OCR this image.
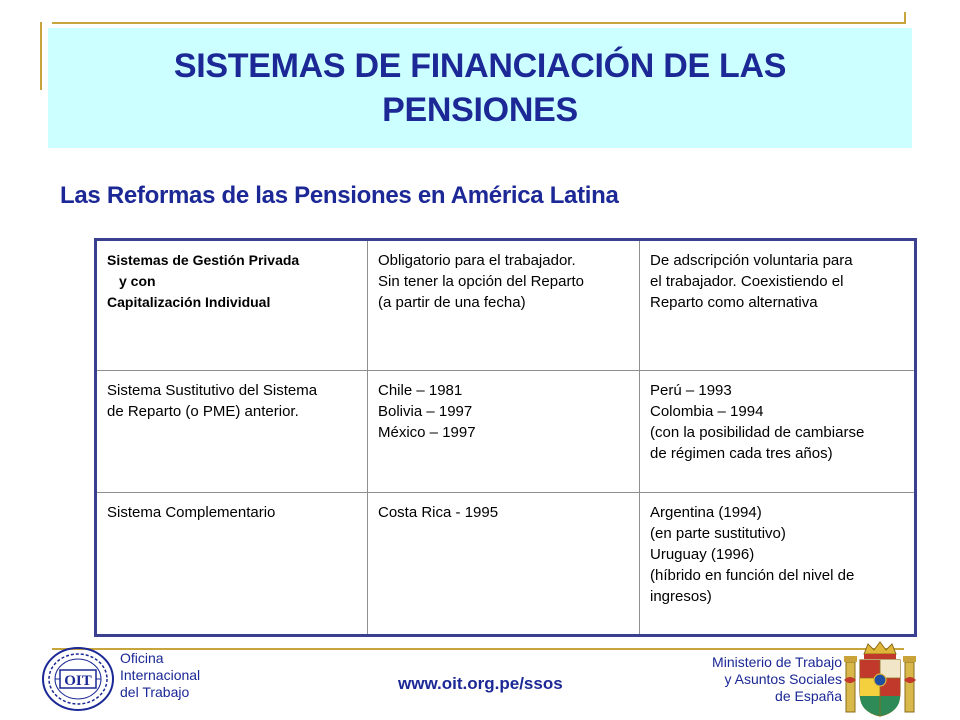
SISTEMAS DE FINANCIACIÓN DE LAS
PENSIONES
Las Reformas de las Pensiones en América Latina
Sistemas de Gestión Privada
y con
Capitalización Individual	Obligatorio para el trabajador.
Sin tener la opción del Reparto
(a partir de una fecha)	De adscripción voluntaria para
el trabajador. Coexistiendo el
Reparto como alternativa

Sistema Sustitutivo del Sistema
de Reparto (o PME) anterior.	Chile – 1981
Bolivia – 1997
México – 1997	Perú – 1993
Colombia – 1994
(con la posibilidad de cambiarse
de régimen cada tres años)

Sistema Complementario	Costa Rica - 1995	Argentina (1994)
(en parte sustitutivo)
Uruguay (1996)
(híbrido en función del nivel de
ingresos)
OIT
Oficina
Internacional
del Trabajo	www.oit.org.pe/ssos
Ministerio de Trabajo
y Asuntos Sociales
de España
